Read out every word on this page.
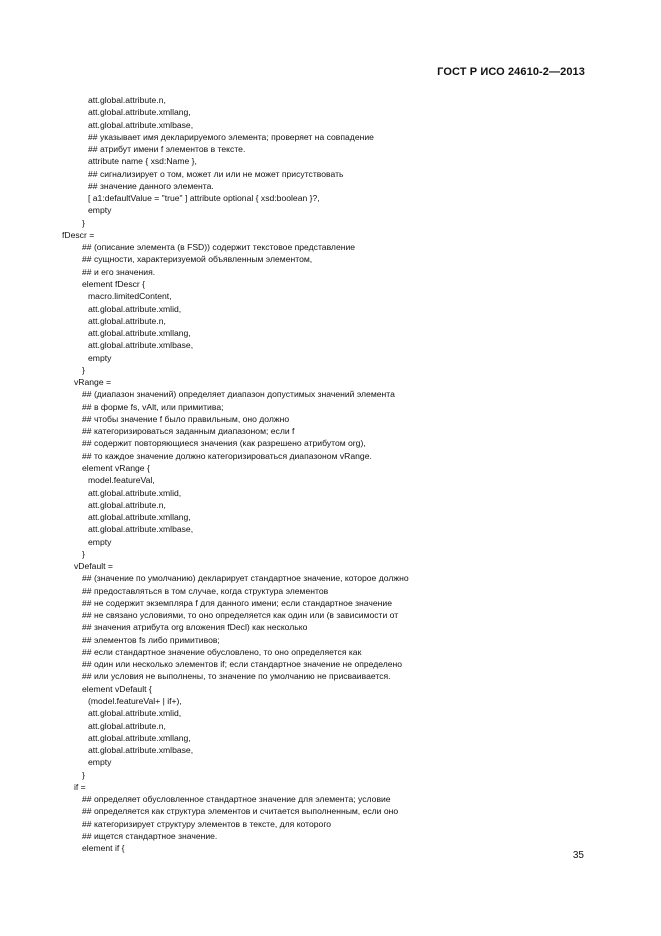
ГОСТ Р ИСО 24610-2—2013
att.global.attribute.n,
att.global.attribute.xmllang,
att.global.attribute.xmlbase,
## указывает имя декларируемого элемента; проверяет на совпадение
## атрибут имени f элементов в тексте.
attribute name { xsd:Name },
## сигнализирует о том, может ли или не может присутствовать
## значение данного элемента.
[ a1:defaultValue = "true" ] attribute optional { xsd:boolean }?,
empty
}
fDescr =
## (описание элемента (в FSD)) содержит текстовое представление
## сущности, характеризуемой объявленным элементом,
## и его значения.
element fDescr {
macro.limitedContent,
att.global.attribute.xmlid,
att.global.attribute.n,
att.global.attribute.xmllang,
att.global.attribute.xmlbase,
empty
}
vRange =
## (диапазон значений) определяет диапазон допустимых значений элемента
## в форме fs, vAlt, или примитива;
## чтобы значение f было правильным, оно должно
## категоризироваться заданным диапазоном; если f
## содержит повторяющиеся значения (как разрешено атрибутом org),
## то каждое значение должно категоризироваться диапазоном vRange.
element vRange {
model.featureVal,
att.global.attribute.xmlid,
att.global.attribute.n,
att.global.attribute.xmllang,
att.global.attribute.xmlbase,
empty
}
vDefault =
## (значение по умолчанию) декларирует стандартное значение, которое должно
## предоставляться в том случае, когда структура элементов
## не содержит экземпляра f для данного имени; если стандартное значение
## не связано условиями, то оно определяется как один или (в зависимости от
## значения атрибута org вложения fDecl) как несколько
## элементов fs либо примитивов;
## если стандартное значение обусловлено, то оно определяется как
## один или несколько элементов if; если стандартное значение не определено
## или условия не выполнены, то значение по умолчанию не присваивается.
element vDefault {
(model.featureVal+ | if+),
att.global.attribute.xmlid,
att.global.attribute.n,
att.global.attribute.xmllang,
att.global.attribute.xmlbase,
empty
}
if =
## определяет обусловленное стандартное значение для элемента; условие
## определяется как структура элементов и считается выполненным, если оно
## категоризирует структуру элементов в тексте, для которого
## ищется стандартное значение.
element if {
35
